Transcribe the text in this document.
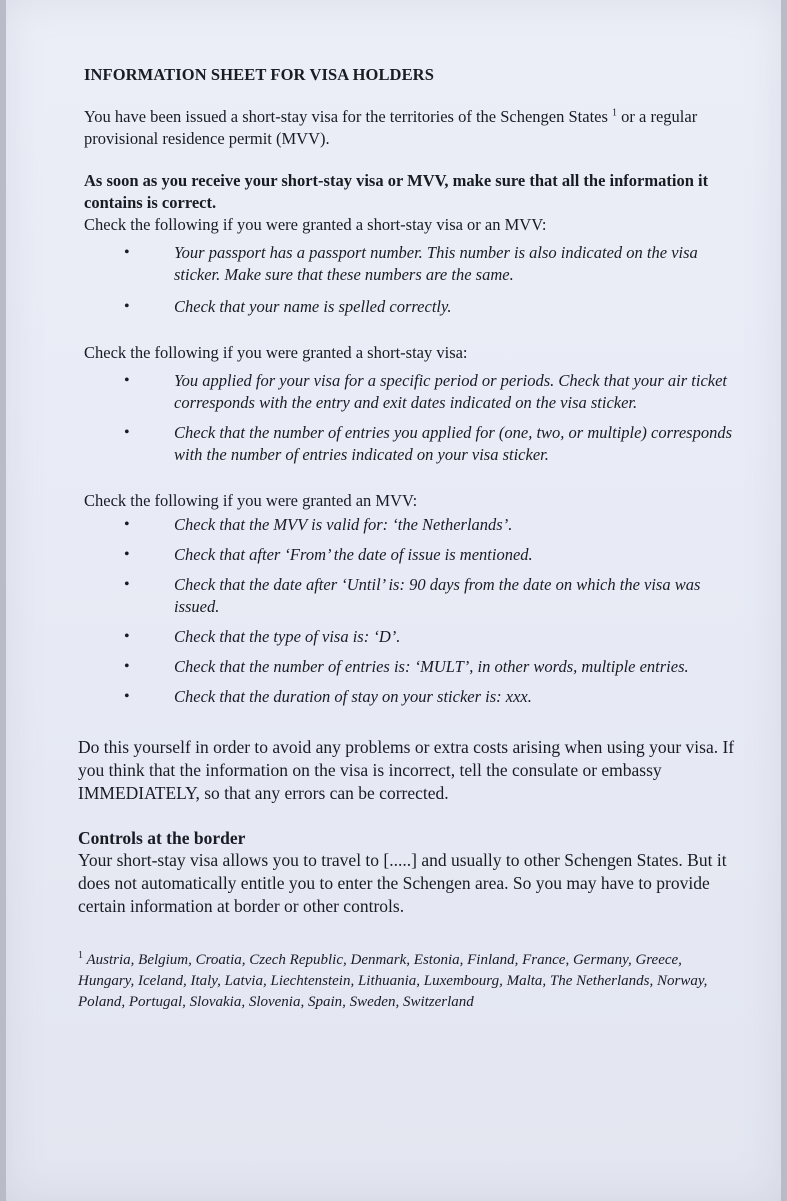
INFORMATION SHEET FOR VISA HOLDERS

You have been issued a short-stay visa for the territories of the Schengen States $^1$ or a regular provisional residence permit (MVV).

As soon as you receive your short-stay visa or MVV, make sure that all the information it contains is correct.

Check the following if you were granted a short-stay visa or an MVV:

•	Your passport has a passport number. This number is also indicated on the visa sticker. Make sure that these numbers are the same.
•	Check that your name is spelled correctly.

Check the following if you were granted a short-stay visa:

•	You applied for your visa for a specific period or periods. Check that your air ticket corresponds with the entry and exit dates indicated on the visa sticker.
•	Check that the number of entries you applied for (one, two, or multiple) corresponds with the number of entries indicated on your visa sticker.

Check the following if you were granted an MVV:

•	Check that the MVV is valid for: ‘the Netherlands’.
•	Check that after ‘From’ the date of issue is mentioned.
•	Check that the date after ‘Until’ is: 90 days from the date on which the visa was issued.
•	Check that the type of visa is: ‘D’.
•	Check that the number of entries is: ‘MULT’, in other words, multiple entries.
•	Check that the duration of stay on your sticker is: xxx.

Do this yourself in order to avoid any problems or extra costs arising when using your visa. If you think that the information on the visa is incorrect, tell the consulate or embassy IMMEDIATELY, so that any errors can be corrected.

Controls at the border

Your short-stay visa allows you to travel to [.....] and usually to other Schengen States. But it does not automatically entitle you to enter the Schengen area. So you may have to provide certain information at border or other controls.

$^1$ Austria, Belgium, Croatia, Czech Republic, Denmark, Estonia, Finland, France, Germany, Greece, Hungary, Iceland, Italy, Latvia, Liechtenstein, Lithuania, Luxembourg, Malta, The Netherlands, Norway, Poland, Portugal, Slovakia, Slovenia, Spain, Sweden, Switzerland
